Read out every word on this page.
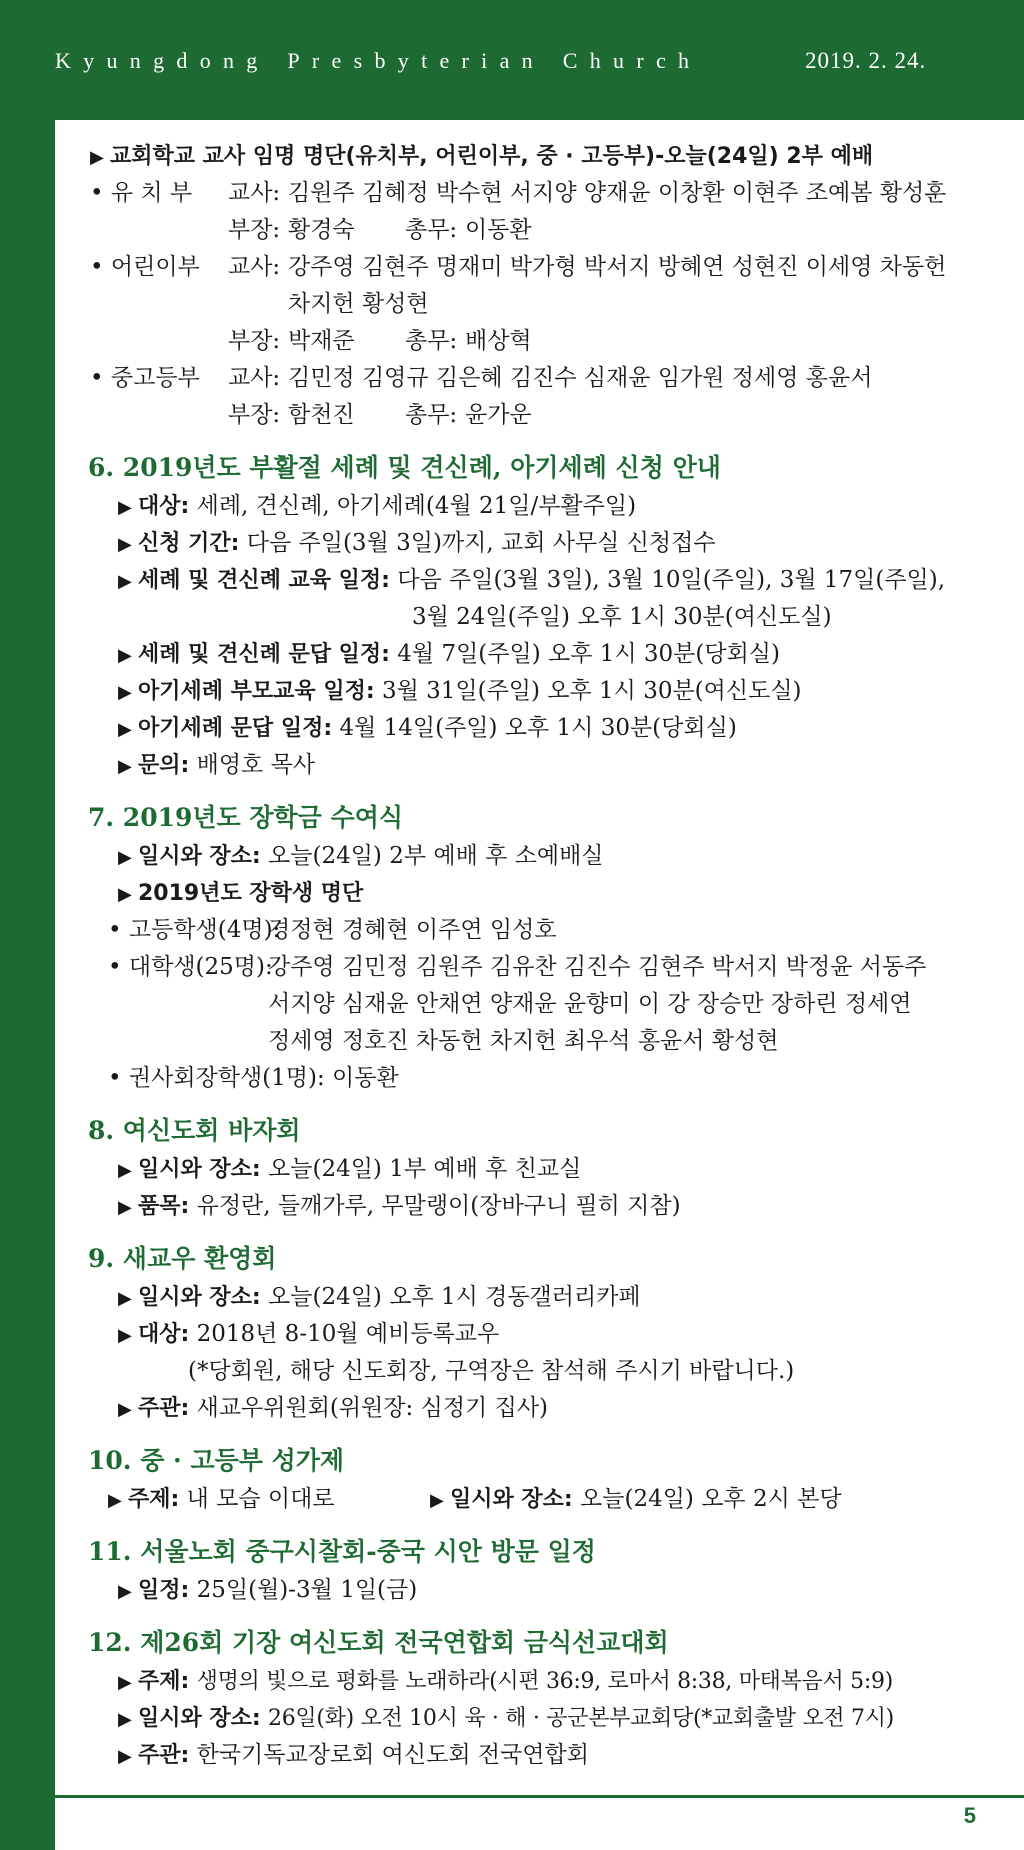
Kyungdong Presbyterian Church	2019. 2. 24.
▶ 교회학교 교사 임명 명단(유치부, 어린이부, 중 · 고등부)-오늘(24일) 2부 예배
• 유 치 부 교사: 김원주 김혜정 박수현 서지양 양재윤 이창환 이현주 조예봄 황성훈
부장: 황경숙 총무: 이동환
• 어린이부 교사: 강주영 김현주 명재미 박가형 박서지 방혜연 성현진 이세영 차동헌
차지헌 황성현
부장: 박재준 총무: 배상혁
• 중고등부 교사: 김민정 김영규 김은혜 김진수 심재윤 임가원 정세영 홍윤서
부장: 함천진 총무: 윤가운
6. 2019년도 부활절 세례 및 견신례, 아기세례 신청 안내
▶ 대상: 세례, 견신례, 아기세례(4월 21일/부활주일)
▶ 신청 기간: 다음 주일(3월 3일)까지, 교회 사무실 신청접수
▶ 세례 및 견신례 교육 일정: 다음 주일(3월 3일), 3월 10일(주일), 3월 17일(주일),
3월 24일(주일) 오후 1시 30분(여신도실)
▶ 세례 및 견신례 문답 일정: 4월 7일(주일) 오후 1시 30분(당회실)
▶ 아기세례 부모교육 일정: 3월 31일(주일) 오후 1시 30분(여신도실)
▶ 아기세례 문답 일정: 4월 14일(주일) 오후 1시 30분(당회실)
▶ 문의: 배영호 목사
7. 2019년도 장학금 수여식
▶ 일시와 장소: 오늘(24일) 2부 예배 후 소예배실
▶ 2019년도 장학생 명단
• 고등학생(4명):
경정현 경혜현 이주연 임성호
• 대학생(25명):
강주영 김민정 김원주 김유찬 김진수 김현주 박서지 박정윤 서동주
서지양 심재윤 안채연 양재윤 윤향미 이 강 장승만 장하린 정세연
정세영 정호진 차동헌 차지헌 최우석 홍윤서 황성현
• 권사회장학생(1명): 이동환
8. 여신도회 바자회
▶ 일시와 장소: 오늘(24일) 1부 예배 후 친교실
▶ 품목: 유정란, 들깨가루, 무말랭이(장바구니 필히 지참)
9. 새교우 환영회
▶ 일시와 장소: 오늘(24일) 오후 1시 경동갤러리카페
▶ 대상: 2018년 8-10월 예비등록교우
(*당회원, 해당 신도회장, 구역장은 참석해 주시기 바랍니다.)
▶ 주관: 새교우위원회(위원장: 심정기 집사)
10. 중 · 고등부 성가제
▶ 주제: 내 모습 이대로	▶ 일시와 장소: 오늘(24일) 오후 2시 본당
11. 서울노회 중구시찰회-중국 시안 방문 일정
▶ 일정: 25일(월)-3월 1일(금)
12. 제26회 기장 여신도회 전국연합회 금식선교대회
▶ 주제: 생명의 빛으로 평화를 노래하라(시편 36:9, 로마서 8:38, 마태복음서 5:9)
▶ 일시와 장소: 26일(화) 오전 10시 육 · 해 · 공군본부교회당(*교회출발 오전 7시)
▶ 주관: 한국기독교장로회 여신도회 전국연합회
5
